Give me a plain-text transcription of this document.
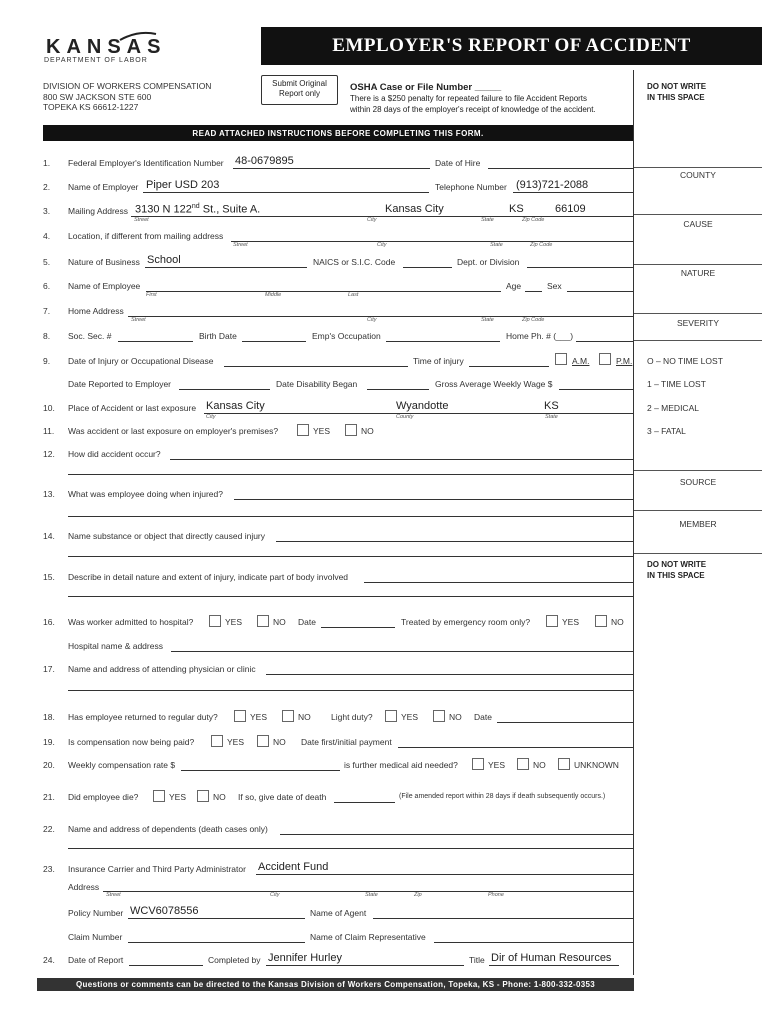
KANSAS
DEPARTMENT OF LABOR
EMPLOYER'S REPORT OF ACCIDENT
DIVISION OF WORKERS COMPENSATION
800 SW JACKSON STE 600
TOPEKA KS 66612-1227
Submit Original
Report only
OSHA Case or File Number _____
There is a $250 penalty for repeated failure to file Accident Reports
within 28 days of the employer's receipt of knowledge of the accident.
DO NOT WRITE
IN THIS SPACE
READ ATTACHED INSTRUCTIONS BEFORE COMPLETING THIS FORM.
COUNTY
CAUSE
NATURE
SEVERITY
O – NO TIME LOST
1 – TIME LOST
2 – MEDICAL
3 – FATAL
SOURCE
MEMBER
DO NOT WRITE
IN THIS SPACE
1. Federal Employer's Identification Number 48-0679895	Date of Hire
2. Name of Employer Piper USD 203	Telephone Number (913)721-2088
3. Mailing Address 3130 N 122nd St., Suite A.	Kansas City	KS	66109
Street	City	State	Zip Code
4. Location, if different from mailing address
Street	City	State	Zip Code
5. Nature of Business School	NAICS or S.I.C. Code	Dept. or Division
6. Name of Employee
First	Middle	Last
Age	Sex
7. Home Address
Street	City	State	Zip Code
8. Soc. Sec. #	Birth Date	Emp's Occupation	Home Ph. # (___)
9. Date of Injury or Occupational Disease	Time of injury	A.M.	P.M.
Date Reported to Employer	Date Disability Began	Gross Average Weekly Wage $
10. Place of Accident or last exposure Kansas City	Wyandotte	KS
City	County	State
11. Was accident or last exposure on employer's premises?	YES	NO
12. How did accident occur?
13. What was employee doing when injured?
14. Name substance or object that directly caused injury
15. Describe in detail nature and extent of injury, indicate part of body involved
16. Was worker admitted to hospital?	YES	NO Date	Treated by emergency room only?	YES	NO
Hospital name & address
17. Name and address of attending physician or clinic
18. Has employee returned to regular duty?	YES	NO Light duty?	YES	NO Date
19. Is compensation now being paid?	YES	NO Date first/initial payment
20. Weekly compensation rate $	is further medical aid needed?	YES	NO	UNKNOWN
21. Did employee die?	YES	NO If so, give date of death	(File amended report within 28 days if death subsequently occurs.)
22. Name and address of dependents (death cases only)
23. Insurance Carrier and Third Party Administrator Accident Fund
Address
Street	City	State	Zip	Phone
Policy Number WCV6078556	Name of Agent
Claim Number	Name of Claim Representative
24. Date of Report	Completed by Jennifer Hurley	Title Dir of Human Resources
Questions or comments can be directed to the Kansas Division of Workers Compensation, Topeka, KS - Phone: 1-800-332-0353
